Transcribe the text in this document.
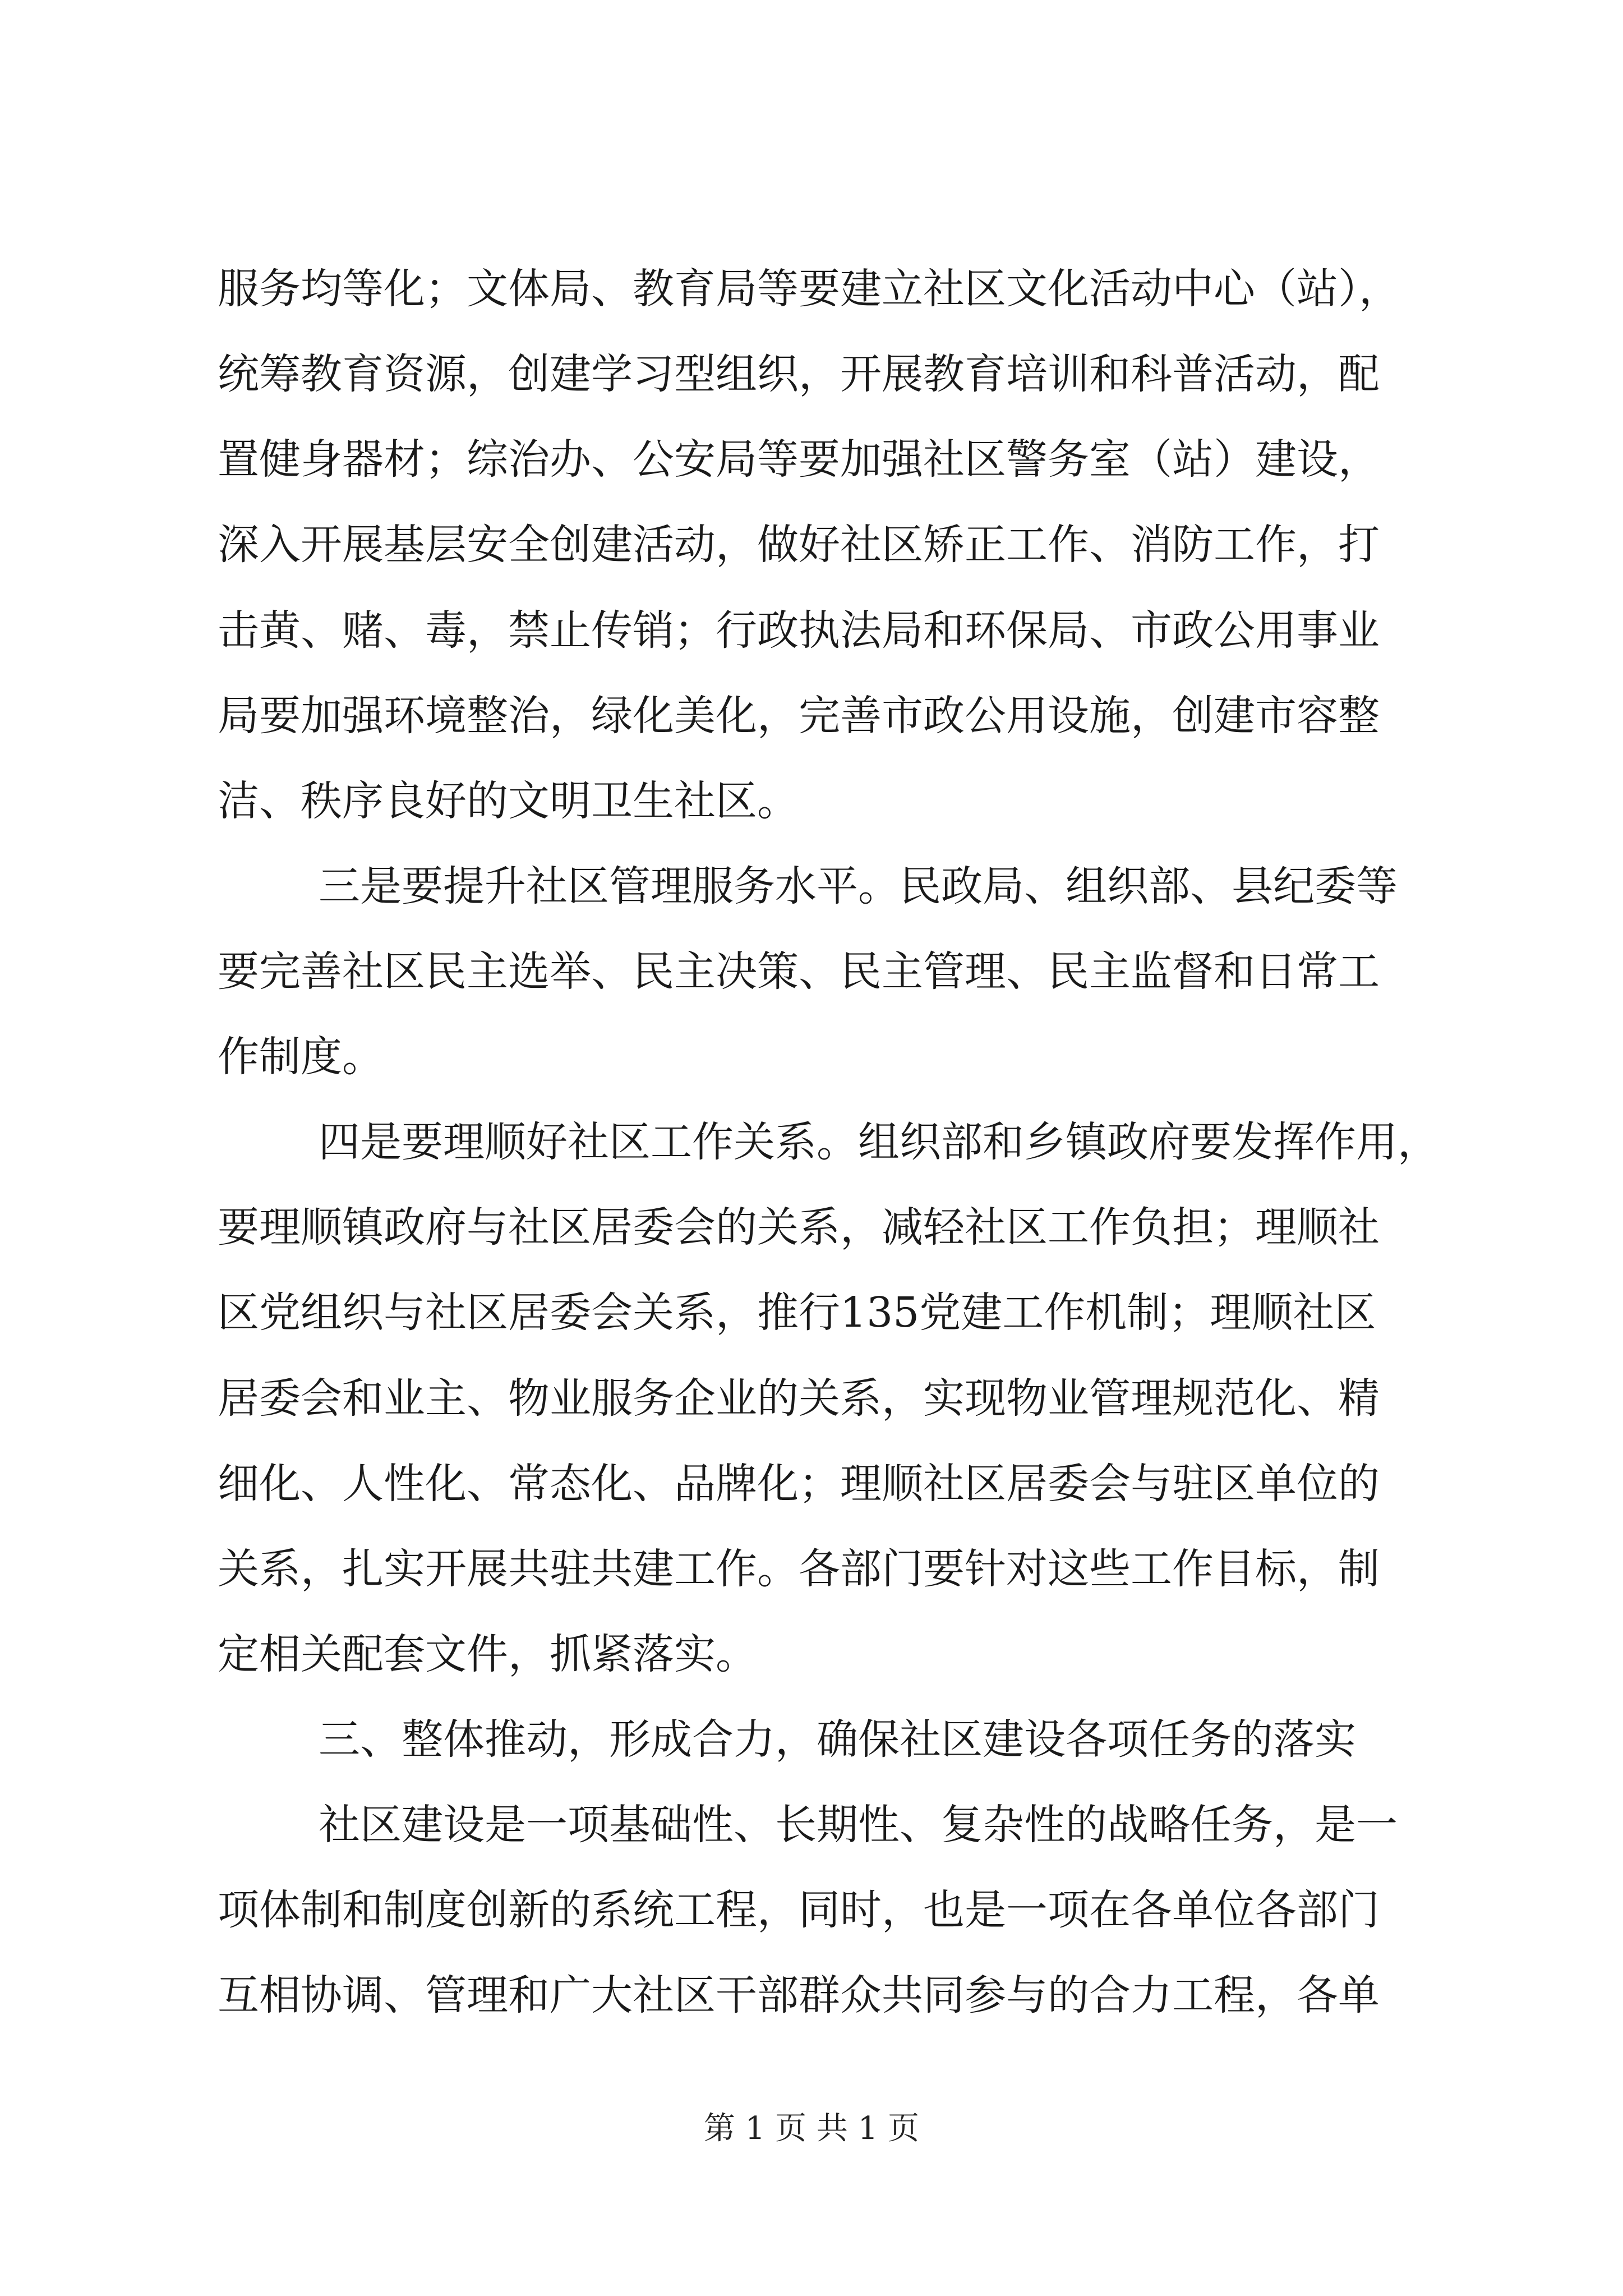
服务均等化；文体局、教育局等要建立社区文化活动中心（站），
统筹教育资源，创建学习型组织，开展教育培训和科普活动，配
置健身器材；综治办、公安局等要加强社区警务室（站）建设，
深入开展基层安全创建活动，做好社区矫正工作、消防工作，打
击黄、赌、毒，禁止传销；行政执法局和环保局、市政公用事业
局要加强环境整治，绿化美化，完善市政公用设施，创建市容整
洁、秩序良好的文明卫生社区。
三是要提升社区管理服务水平。民政局、组织部、县纪委等
要完善社区民主选举、民主决策、民主管理、民主监督和日常工
作制度。
四是要理顺好社区工作关系。组织部和乡镇政府要发挥作用，
要理顺镇政府与社区居委会的关系，减轻社区工作负担；理顺社
区党组织与社区居委会关系，推行135党建工作机制；理顺社区
居委会和业主、物业服务企业的关系，实现物业管理规范化、精
细化、人性化、常态化、品牌化；理顺社区居委会与驻区单位的
关系，扎实开展共驻共建工作。各部门要针对这些工作目标，制
定相关配套文件，抓紧落实。
三、整体推动，形成合力，确保社区建设各项任务的落实
社区建设是一项基础性、长期性、复杂性的战略任务，是一
项体制和制度创新的系统工程，同时，也是一项在各单位各部门
互相协调、管理和广大社区干部群众共同参与的合力工程，各单
第 1 页 共 1 页
